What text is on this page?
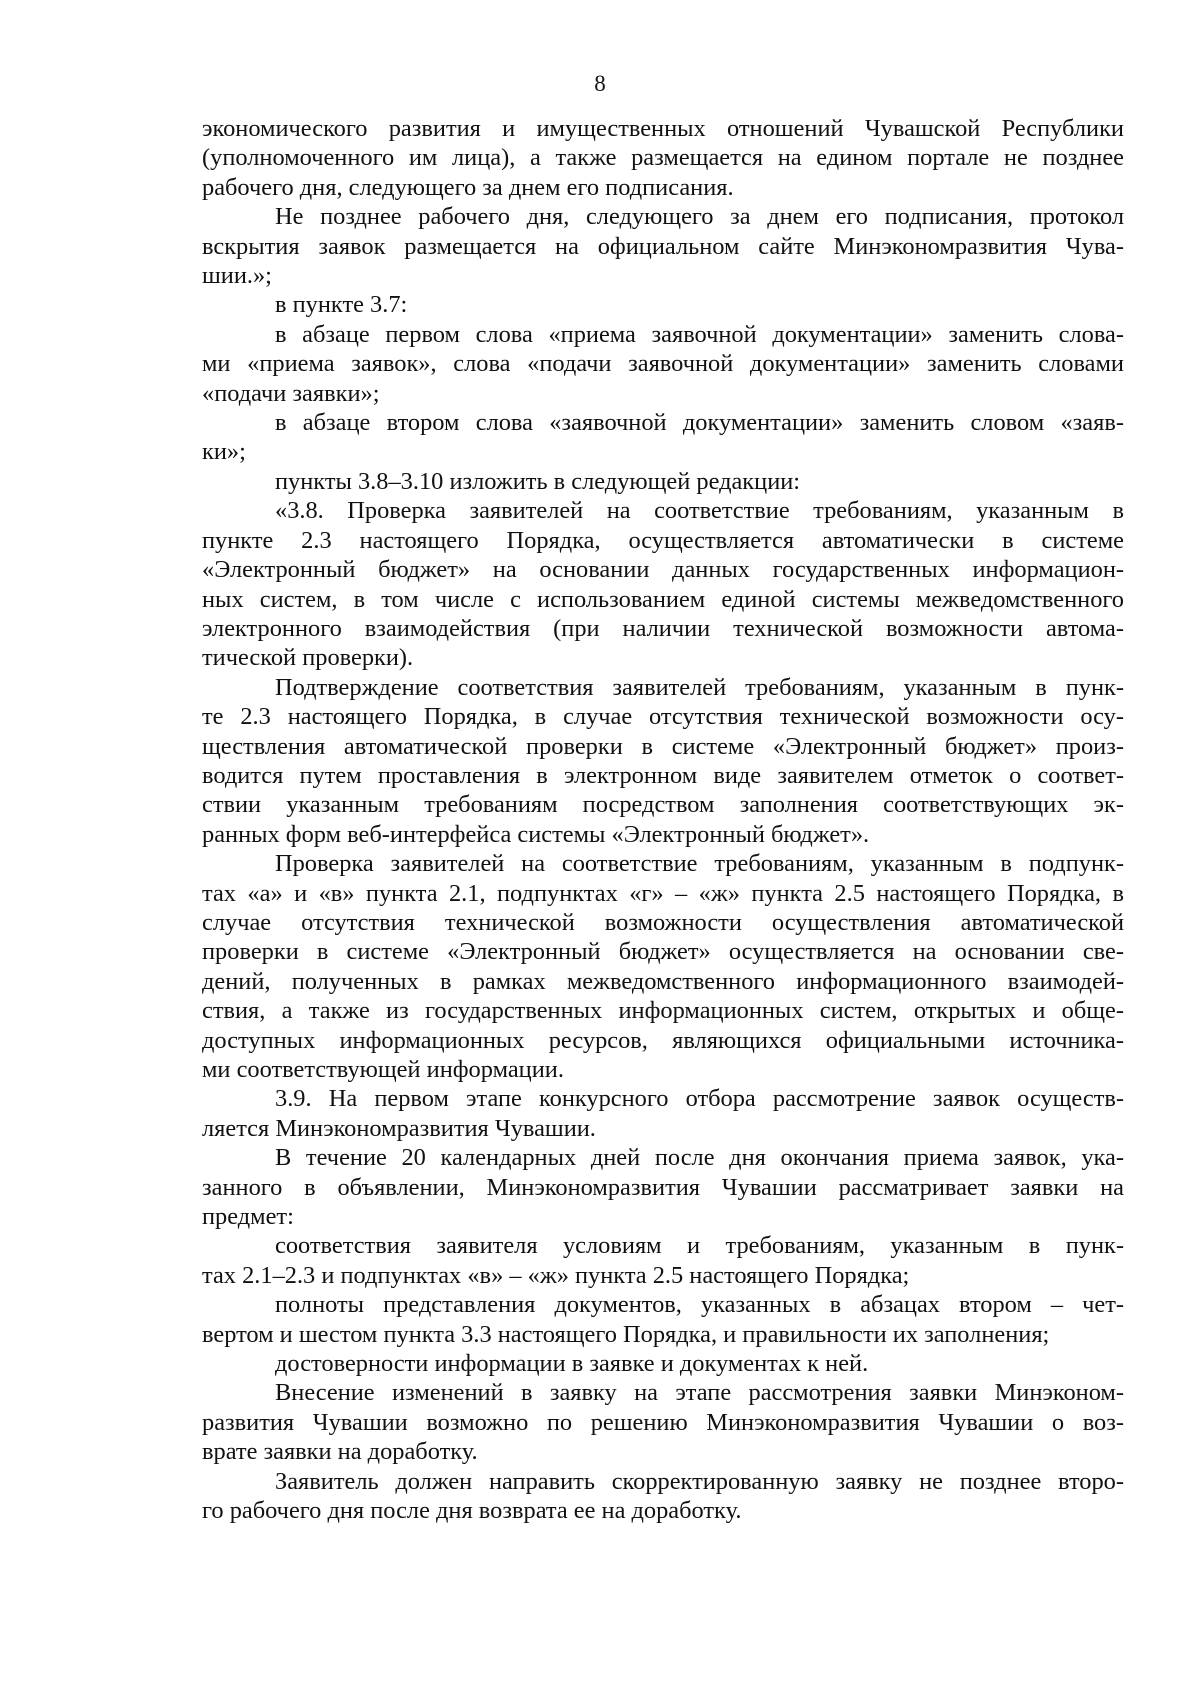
8
экономического развития и имущественных отношений Чувашской Республики
(уполномоченного им лица), а также размещается на едином портале не позднее
рабочего дня, следующего за днем его подписания.
Не позднее рабочего дня, следующего за днем его подписания, протокол
вскрытия заявок размещается на официальном сайте Минэкономразвития Чува-
шии.»;
в пункте 3.7:
в абзаце первом слова «приема заявочной документации» заменить слова-
ми «приема заявок», слова «подачи заявочной документации» заменить словами
«подачи заявки»;
в абзаце втором слова «заявочной документации» заменить словом «заяв-
ки»;
пункты 3.8–3.10 изложить в следующей редакции:
«3.8. Проверка заявителей на соответствие требованиям, указанным в
пункте 2.3 настоящего Порядка, осуществляется автоматически в системе
«Электронный бюджет» на основании данных государственных информацион-
ных систем, в том числе с использованием единой системы межведомственного
электронного взаимодействия (при наличии технической возможности автома-
тической проверки).
Подтверждение соответствия заявителей требованиям, указанным в пунк-
те 2.3 настоящего Порядка, в случае отсутствия технической возможности осу-
ществления автоматической проверки в системе «Электронный бюджет» произ-
водится путем проставления в электронном виде заявителем отметок о соответ-
ствии указанным требованиям посредством заполнения соответствующих эк-
ранных форм веб-интерфейса системы «Электронный бюджет».
Проверка заявителей на соответствие требованиям, указанным в подпунк-
тах «а» и «в» пункта 2.1, подпунктах «г» – «ж» пункта 2.5 настоящего Порядка, в
случае отсутствия технической возможности осуществления автоматической
проверки в системе «Электронный бюджет» осуществляется на основании све-
дений, полученных в рамках межведомственного информационного взаимодей-
ствия, а также из государственных информационных систем, открытых и обще-
доступных информационных ресурсов, являющихся официальными источника-
ми соответствующей информации.
3.9. На первом этапе конкурсного отбора рассмотрение заявок осуществ-
ляется Минэкономразвития Чувашии.
В течение 20 календарных дней после дня окончания приема заявок, ука-
занного в объявлении, Минэкономразвития Чувашии рассматривает заявки на
предмет:
соответствия заявителя условиям и требованиям, указанным в пунк-
тах 2.1–2.3 и подпунктах «в» – «ж» пункта 2.5 настоящего Порядка;
полноты представления документов, указанных в абзацах втором – чет-
вертом и шестом пункта 3.3 настоящего Порядка, и правильности их заполнения;
достоверности информации в заявке и документах к ней.
Внесение изменений в заявку на этапе рассмотрения заявки Минэконом-
развития Чувашии возможно по решению Минэкономразвития Чувашии о воз-
врате заявки на доработку.
Заявитель должен направить скорректированную заявку не позднее второ-
го рабочего дня после дня возврата ее на доработку.
